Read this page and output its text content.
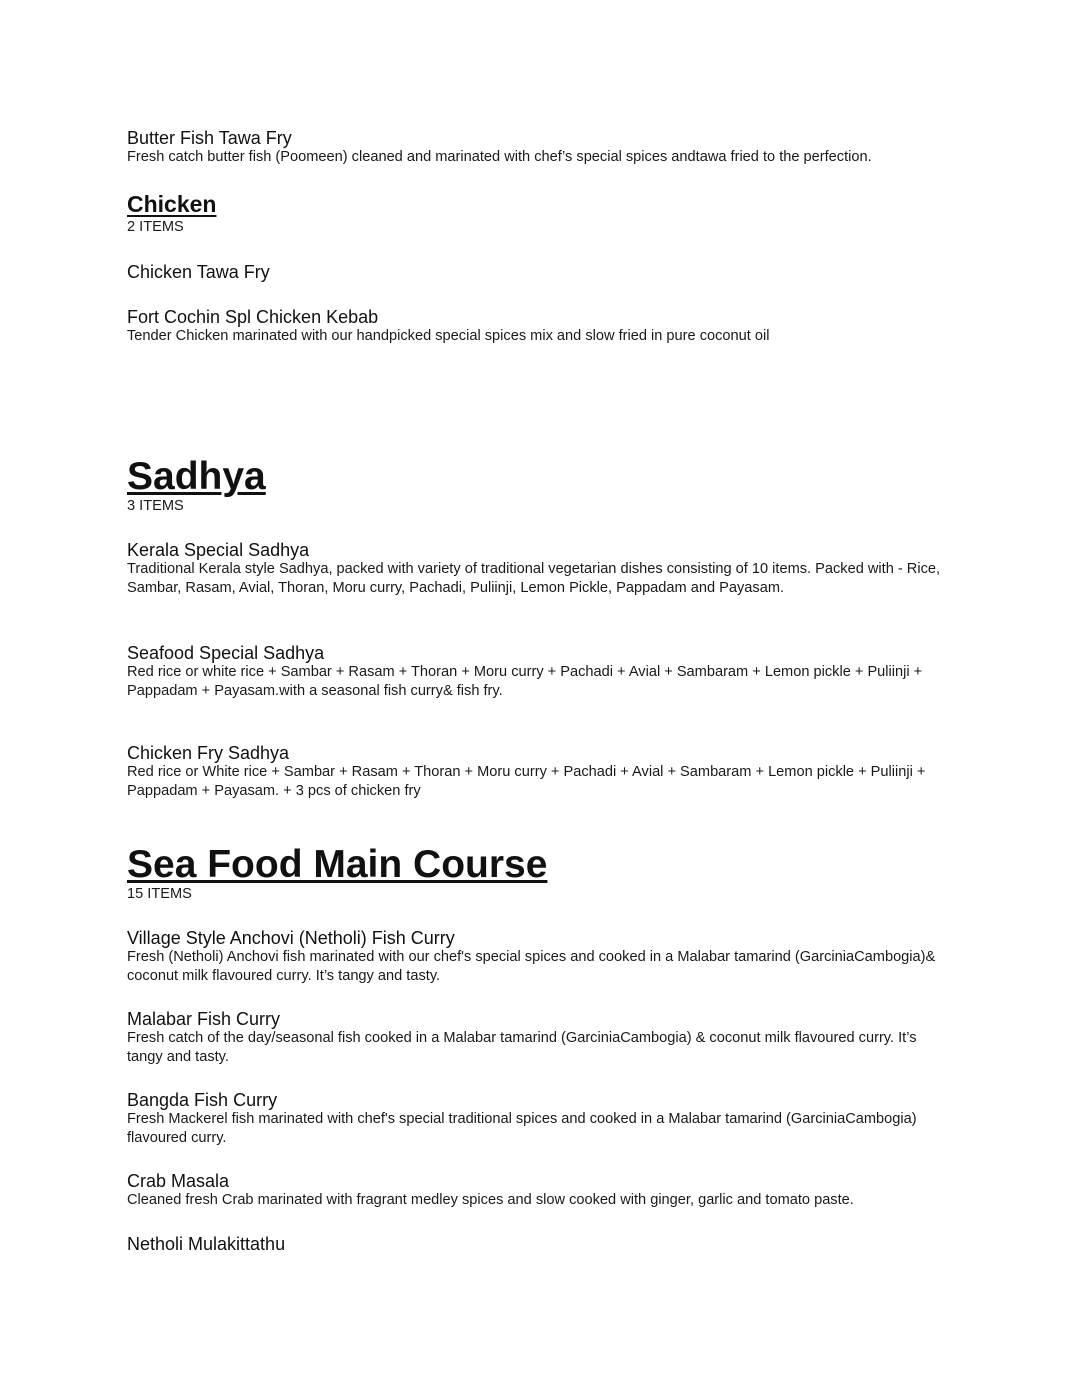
Butter Fish Tawa Fry

Fresh catch butter fish (Poomeen) cleaned and marinated with chef’s special spices andtawa fried to the perfection.

Chicken

2 ITEMS

Chicken Tawa Fry

Fort Cochin Spl Chicken Kebab

Tender Chicken marinated with our handpicked special spices mix and slow fried in pure coconut oil

Sadhya

3 ITEMS

Kerala Special Sadhya

Traditional Kerala style Sadhya, packed with variety of traditional vegetarian dishes consisting of 10 items. Packed with - Rice, Sambar, Rasam, Avial, Thoran, Moru curry, Pachadi, Puliinji, Lemon Pickle, Pappadam and Payasam.

Seafood Special Sadhya

Red rice or white rice + Sambar + Rasam + Thoran + Moru curry + Pachadi + Avial + Sambaram + Lemon pickle + Puliinji + Pappadam + Payasam.with a seasonal fish curry& fish fry.

Chicken Fry Sadhya

Red rice or White rice + Sambar + Rasam + Thoran + Moru curry + Pachadi + Avial + Sambaram + Lemon pickle + Puliinji + Pappadam + Payasam. + 3 pcs of chicken fry

Sea Food Main Course

15 ITEMS

Village Style Anchovi (Netholi) Fish Curry

Fresh (Netholi) Anchovi fish marinated with our chef's special spices and cooked in a Malabar tamarind (GarciniaCambogia)& coconut milk flavoured curry. It’s tangy and tasty.

Malabar Fish Curry

Fresh catch of the day/seasonal fish cooked in a Malabar tamarind (GarciniaCambogia) & coconut milk flavoured curry. It’s tangy and tasty.

Bangda Fish Curry

Fresh Mackerel fish marinated with chef's special traditional spices and cooked in a Malabar tamarind (GarciniaCambogia) flavoured curry.

Crab Masala

Cleaned fresh Crab marinated with fragrant medley spices and slow cooked with ginger, garlic and tomato paste.

Netholi Mulakittathu
